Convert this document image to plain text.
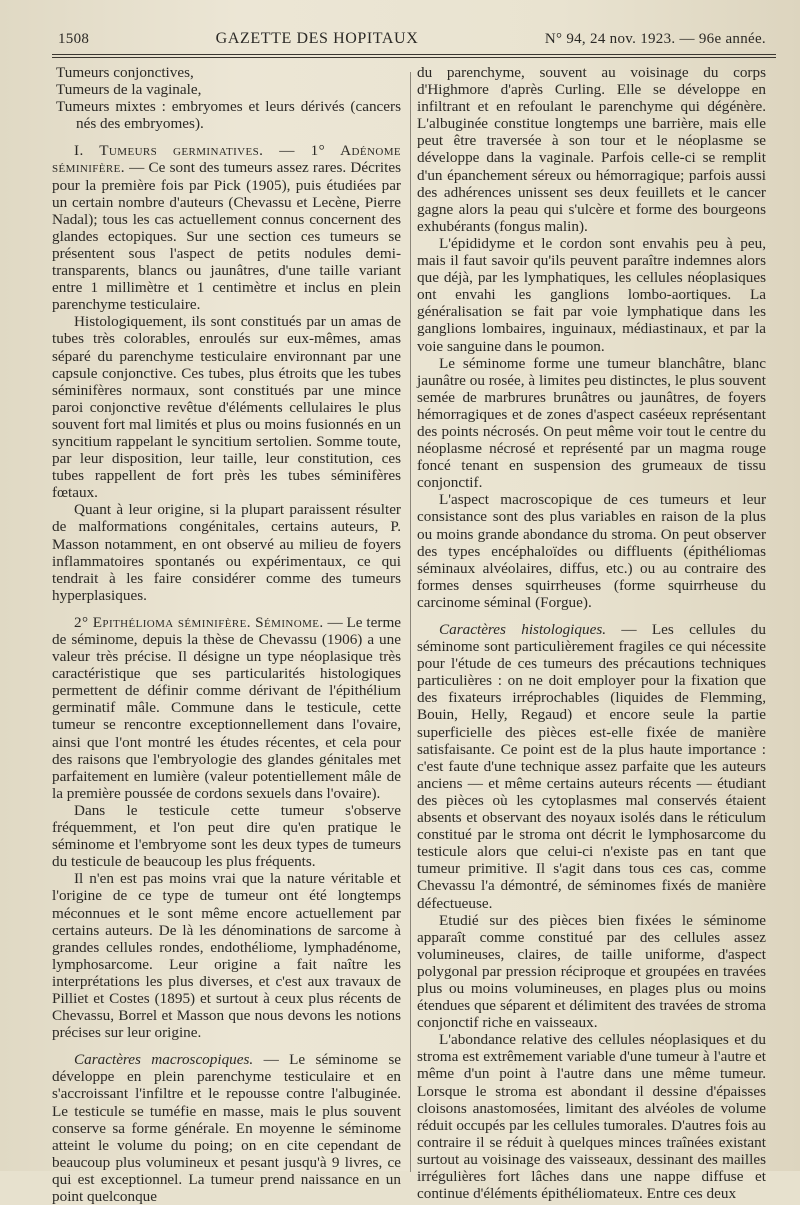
1508	GAZETTE DES HOPITAUX	N° 94, 24 nov. 1923. — 96e année.

Tumeurs conjonctives,

Tumeurs de la vaginale,

Tumeurs mixtes : embryomes et leurs dérivés (cancers nés des embryomes).

I. Tumeurs germinatives. — 1° Adénome séminifère. — Ce sont des tumeurs assez rares. Décrites pour la première fois par Pick (1905), puis étudiées par un certain nombre d'auteurs (Chevassu et Lecène, Pierre Nadal); tous les cas actuellement connus concernent des glandes ectopiques. Sur une section ces tumeurs se présentent sous l'aspect de petits nodules demi-transparents, blancs ou jaunâtres, d'une taille variant entre 1 millimètre et 1 centimètre et inclus en plein parenchyme testiculaire.

Histologiquement, ils sont constitués par un amas de tubes très colorables, enroulés sur eux-mêmes, amas séparé du parenchyme testiculaire environnant par une capsule conjonctive. Ces tubes, plus étroits que les tubes séminifères normaux, sont constitués par une mince paroi conjonctive revêtue d'éléments cellulaires le plus souvent fort mal limités et plus ou moins fusionnés en un syncitium rappelant le syncitium sertolien. Somme toute, par leur disposition, leur taille, leur constitution, ces tubes rappellent de fort près les tubes séminifères fœtaux.

Quant à leur origine, si la plupart paraissent résulter de malformations congénitales, certains auteurs, P. Masson notamment, en ont observé au milieu de foyers inflammatoires spontanés ou expérimentaux, ce qui tendrait à les faire considérer comme des tumeurs hyperplasiques.

2° Epithélioma séminifère. Séminome. — Le terme de séminome, depuis la thèse de Chevassu (1906) a une valeur très précise. Il désigne un type néoplasique très caractéristique que ses particularités histologiques permettent de définir comme dérivant de l'épithélium germinatif mâle. Commune dans le testicule, cette tumeur se rencontre exceptionnellement dans l'ovaire, ainsi que l'ont montré les études récentes, et cela pour des raisons que l'embryologie des glandes génitales met parfaitement en lumière (valeur potentiellement mâle de la première poussée de cordons sexuels dans l'ovaire).

Dans le testicule cette tumeur s'observe fréquemment, et l'on peut dire qu'en pratique le séminome et l'embryome sont les deux types de tumeurs du testicule de beaucoup les plus fréquents.

Il n'en est pas moins vrai que la nature véritable et l'origine de ce type de tumeur ont été longtemps méconnues et le sont même encore actuellement par certains auteurs. De là les dénominations de sarcome à grandes cellules rondes, endothéliome, lymphadénome, lymphosarcome. Leur origine a fait naître les interprétations les plus diverses, et c'est aux travaux de Pilliet et Costes (1895) et surtout à ceux plus récents de Chevassu, Borrel et Masson que nous devons les notions précises sur leur origine.

Caractères macroscopiques. — Le séminome se développe en plein parenchyme testiculaire et en s'accroissant l'infiltre et le repousse contre l'albuginée. Le testicule se tuméfie en masse, mais le plus souvent conserve sa forme générale. En moyenne le séminome atteint le volume du poing; on en cite cependant de beaucoup plus volumineux et pesant jusqu'à 9 livres, ce qui est exceptionnel. La tumeur prend naissance en un point quelconque

du parenchyme, souvent au voisinage du corps d'Highmore d'après Curling. Elle se développe en infiltrant et en refoulant le parenchyme qui dégénère. L'albuginée constitue longtemps une barrière, mais elle peut être traversée à son tour et le néoplasme se développe dans la vaginale. Parfois celle-ci se remplit d'un épanchement séreux ou hémorragique; parfois aussi des adhérences unissent ses deux feuillets et le cancer gagne alors la peau qui s'ulcère et forme des bourgeons exhubérants (fongus malin).

L'épididyme et le cordon sont envahis peu à peu, mais il faut savoir qu'ils peuvent paraître indemnes alors que déjà, par les lymphatiques, les cellules néoplasiques ont envahi les ganglions lombo-aortiques. La généralisation se fait par voie lymphatique dans les ganglions lombaires, inguinaux, médiastinaux, et par la voie sanguine dans le poumon.

Le séminome forme une tumeur blanchâtre, blanc jaunâtre ou rosée, à limites peu distinctes, le plus souvent semée de marbrures brunâtres ou jaunâtres, de foyers hémorragiques et de zones d'aspect caséeux représentant des points nécrosés. On peut même voir tout le centre du néoplasme nécrosé et représenté par un magma rouge foncé tenant en suspension des grumeaux de tissu conjonctif.

L'aspect macroscopique de ces tumeurs et leur consistance sont des plus variables en raison de la plus ou moins grande abondance du stroma. On peut observer des types encéphaloïdes ou diffluents (épithéliomas séminaux alvéolaires, diffus, etc.) ou au contraire des formes denses squirrheuses (forme squirrheuse du carcinome séminal (Forgue).

Caractères histologiques. — Les cellules du séminome sont particulièrement fragiles ce qui nécessite pour l'étude de ces tumeurs des précautions techniques particulières : on ne doit employer pour la fixation que des fixateurs irréprochables (liquides de Flemming, Bouin, Helly, Regaud) et encore seule la partie superficielle des pièces est-elle fixée de manière satisfaisante. Ce point est de la plus haute importance : c'est faute d'une technique assez parfaite que les auteurs anciens — et même certains auteurs récents — étudiant des pièces où les cytoplasmes mal conservés étaient absents et observant des noyaux isolés dans le réticulum constitué par le stroma ont décrit le lymphosarcome du testicule alors que celui-ci n'existe pas en tant que tumeur primitive. Il s'agit dans tous ces cas, comme Chevassu l'a démontré, de séminomes fixés de manière défectueuse.

Etudié sur des pièces bien fixées le séminome apparaît comme constitué par des cellules assez volumineuses, claires, de taille uniforme, d'aspect polygonal par pression réciproque et groupées en travées plus ou moins volumineuses, en plages plus ou moins étendues que séparent et délimitent des travées de stroma conjonctif riche en vaisseaux.

L'abondance relative des cellules néoplasiques et du stroma est extrêmement variable d'une tumeur à l'autre et même d'un point à l'autre dans une même tumeur. Lorsque le stroma est abondant il dessine d'épaisses cloisons anastomosées, limitant des alvéoles de volume réduit occupés par les cellules tumorales. D'autres fois au contraire il se réduit à quelques minces traînées existant surtout au voisinage des vaisseaux, dessinant des mailles irrégulières fort lâches dans une nappe diffuse et continue d'éléments épithéliomateux. Entre ces deux
